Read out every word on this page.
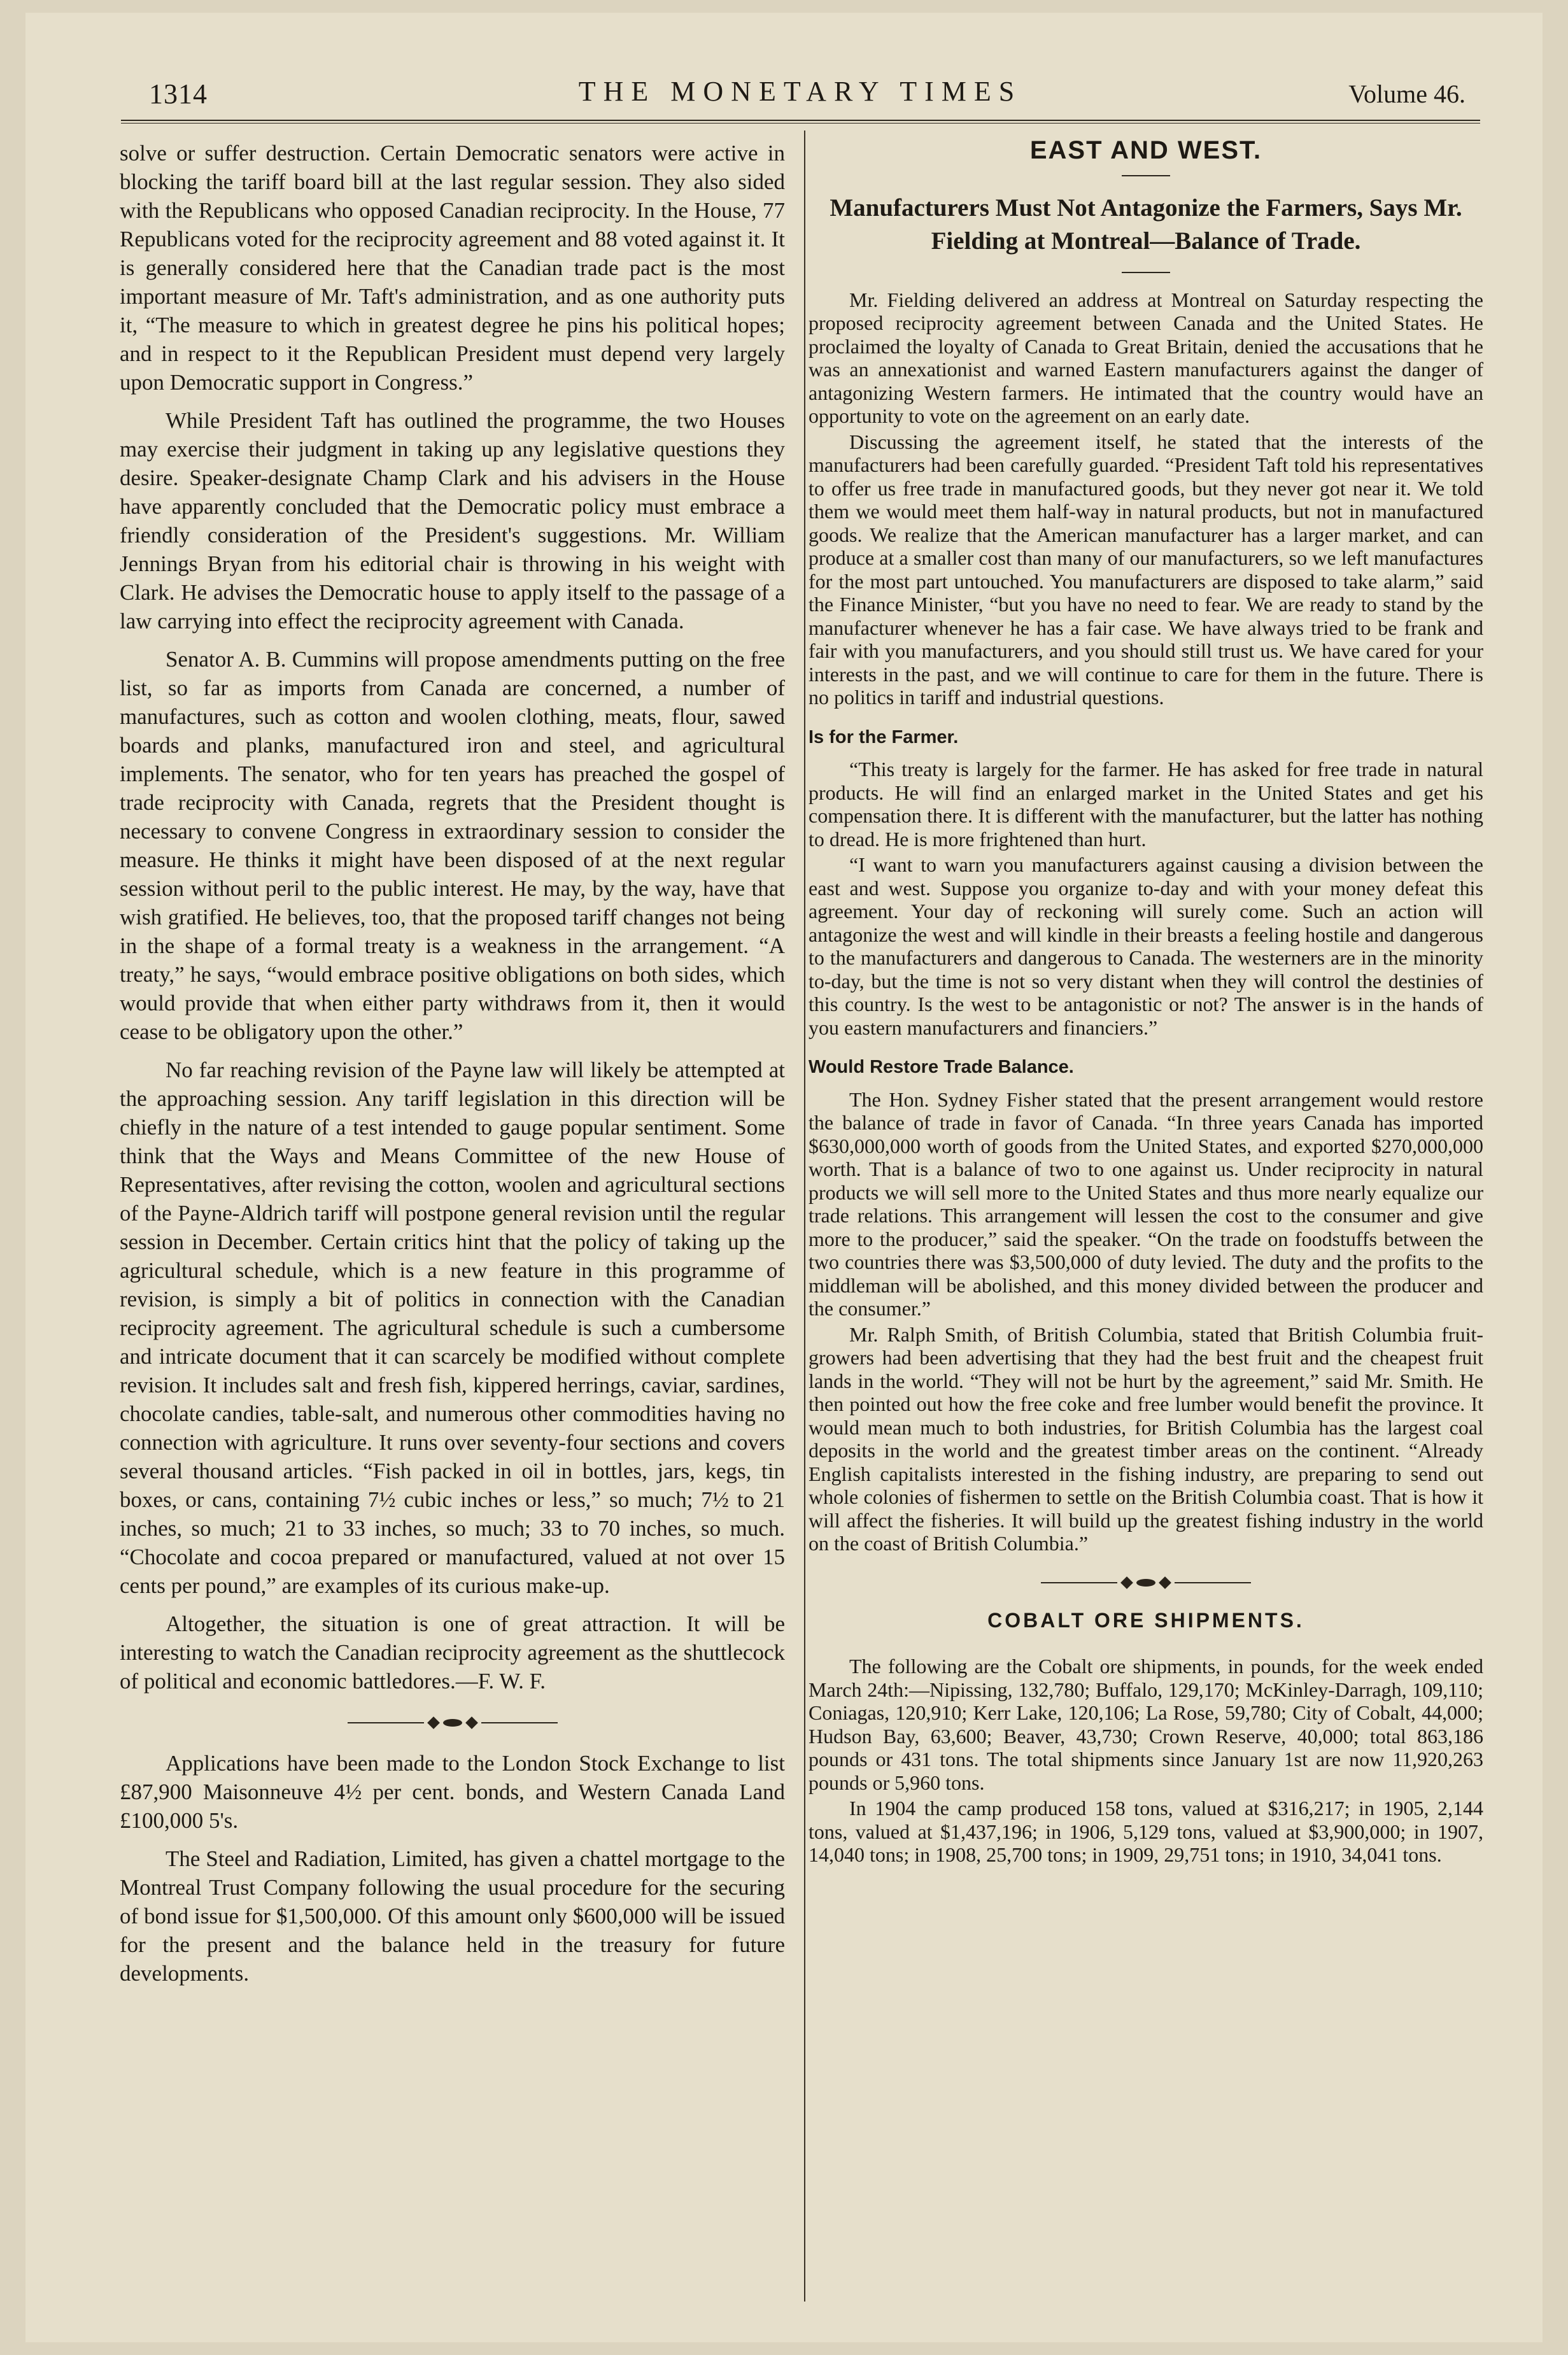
1314	THE MONETARY TIMES	Volume 46.

solve or suffer destruction. Certain Democratic senators were active in blocking the tariff board bill at the last regular session. They also sided with the Republicans who opposed Canadian reciprocity. In the House, 77 Republicans voted for the reciprocity agreement and 88 voted against it. It is generally considered here that the Canadian trade pact is the most important measure of Mr. Taft's administration, and as one authority puts it, “The measure to which in greatest degree he pins his political hopes; and in respect to it the Republican President must depend very largely upon Democratic support in Congress.”

While President Taft has outlined the programme, the two Houses may exercise their judgment in taking up any legislative questions they desire. Speaker-designate Champ Clark and his advisers in the House have apparently concluded that the Democratic policy must embrace a friendly consideration of the President's suggestions. Mr. William Jennings Bryan from his editorial chair is throwing in his weight with Clark. He advises the Democratic house to apply itself to the passage of a law carrying into effect the reciprocity agreement with Canada.

Senator A. B. Cummins will propose amendments putting on the free list, so far as imports from Canada are concerned, a number of manufactures, such as cotton and woolen clothing, meats, flour, sawed boards and planks, manufactured iron and steel, and agricultural implements. The senator, who for ten years has preached the gospel of trade reciprocity with Canada, regrets that the President thought is necessary to convene Congress in extraordinary session to consider the measure. He thinks it might have been disposed of at the next regular session without peril to the public interest. He may, by the way, have that wish gratified. He believes, too, that the proposed tariff changes not being in the shape of a formal treaty is a weakness in the arrangement. “A treaty,” he says, “would embrace positive obligations on both sides, which would provide that when either party withdraws from it, then it would cease to be obligatory upon the other.”

No far reaching revision of the Payne law will likely be attempted at the approaching session. Any tariff legislation in this direction will be chiefly in the nature of a test intended to gauge popular sentiment. Some think that the Ways and Means Committee of the new House of Representatives, after revising the cotton, woolen and agricultural sections of the Payne-Aldrich tariff will postpone general revision until the regular session in December. Certain critics hint that the policy of taking up the agricultural schedule, which is a new feature in this programme of revision, is simply a bit of politics in connection with the Canadian reciprocity agreement. The agricultural schedule is such a cumbersome and intricate document that it can scarcely be modified without complete revision. It includes salt and fresh fish, kippered herrings, caviar, sardines, chocolate candies, table-salt, and numerous other commodities having no connection with agriculture. It runs over seventy-four sections and covers several thousand articles. “Fish packed in oil in bottles, jars, kegs, tin boxes, or cans, containing 7½ cubic inches or less,” so much; 7½ to 21 inches, so much; 21 to 33 inches, so much; 33 to 70 inches, so much. “Chocolate and cocoa prepared or manufactured, valued at not over 15 cents per pound,” are examples of its curious make-up.

Altogether, the situation is one of great attraction. It will be interesting to watch the Canadian reciprocity agreement as the shuttlecock of political and economic battledores.—F. W. F.

Applications have been made to the London Stock Exchange to list £87,900 Maisonneuve 4½ per cent. bonds, and Western Canada Land £100,000 5's.

The Steel and Radiation, Limited, has given a chattel mortgage to the Montreal Trust Company following the usual procedure for the securing of bond issue for $1,500,000. Of this amount only $600,000 will be issued for the present and the balance held in the treasury for future developments.

EAST AND WEST.
Manufacturers Must Not Antagonize the Farmers, Says Mr. Fielding at Montreal—Balance of Trade.

Mr. Fielding delivered an address at Montreal on Saturday respecting the proposed reciprocity agreement between Canada and the United States. He proclaimed the loyalty of Canada to Great Britain, denied the accusations that he was an annexationist and warned Eastern manufacturers against the danger of antagonizing Western farmers. He intimated that the country would have an opportunity to vote on the agreement on an early date.

Discussing the agreement itself, he stated that the interests of the manufacturers had been carefully guarded. “President Taft told his representatives to offer us free trade in manufactured goods, but they never got near it. We told them we would meet them half-way in natural products, but not in manufactured goods. We realize that the American manufacturer has a larger market, and can produce at a smaller cost than many of our manufacturers, so we left manufactures for the most part untouched. You manufacturers are disposed to take alarm,” said the Finance Minister, “but you have no need to fear. We are ready to stand by the manufacturer whenever he has a fair case. We have always tried to be frank and fair with you manufacturers, and you should still trust us. We have cared for your interests in the past, and we will continue to care for them in the future. There is no politics in tariff and industrial questions.

Is for the Farmer.

“This treaty is largely for the farmer. He has asked for free trade in natural products. He will find an enlarged market in the United States and get his compensation there. It is different with the manufacturer, but the latter has nothing to dread. He is more frightened than hurt.

“I want to warn you manufacturers against causing a division between the east and west. Suppose you organize to-day and with your money defeat this agreement. Your day of reckoning will surely come. Such an action will antagonize the west and will kindle in their breasts a feeling hostile and dangerous to the manufacturers and dangerous to Canada. The westerners are in the minority to-day, but the time is not so very distant when they will control the destinies of this country. Is the west to be antagonistic or not? The answer is in the hands of you eastern manufacturers and financiers.”

Would Restore Trade Balance.

The Hon. Sydney Fisher stated that the present arrangement would restore the balance of trade in favor of Canada. “In three years Canada has imported $630,000,000 worth of goods from the United States, and exported $270,000,000 worth. That is a balance of two to one against us. Under reciprocity in natural products we will sell more to the United States and thus more nearly equalize our trade relations. This arrangement will lessen the cost to the consumer and give more to the producer,” said the speaker. “On the trade on foodstuffs between the two countries there was $3,500,000 of duty levied. The duty and the profits to the middleman will be abolished, and this money divided between the producer and the consumer.”

Mr. Ralph Smith, of British Columbia, stated that British Columbia fruit-growers had been advertising that they had the best fruit and the cheapest fruit lands in the world. “They will not be hurt by the agreement,” said Mr. Smith. He then pointed out how the free coke and free lumber would benefit the province. It would mean much to both industries, for British Columbia has the largest coal deposits in the world and the greatest timber areas on the continent. “Already English capitalists interested in the fishing industry, are preparing to send out whole colonies of fishermen to settle on the British Columbia coast. That is how it will affect the fisheries. It will build up the greatest fishing industry in the world on the coast of British Columbia.”

COBALT ORE SHIPMENTS.

The following are the Cobalt ore shipments, in pounds, for the week ended March 24th:—Nipissing, 132,780; Buffalo, 129,170; McKinley-Darragh, 109,110; Coniagas, 120,910; Kerr Lake, 120,106; La Rose, 59,780; City of Cobalt, 44,000; Hudson Bay, 63,600; Beaver, 43,730; Crown Reserve, 40,000; total 863,186 pounds or 431 tons. The total shipments since January 1st are now 11,920,263 pounds or 5,960 tons.

In 1904 the camp produced 158 tons, valued at $316,217; in 1905, 2,144 tons, valued at $1,437,196; in 1906, 5,129 tons, valued at $3,900,000; in 1907, 14,040 tons; in 1908, 25,700 tons; in 1909, 29,751 tons; in 1910, 34,041 tons.
